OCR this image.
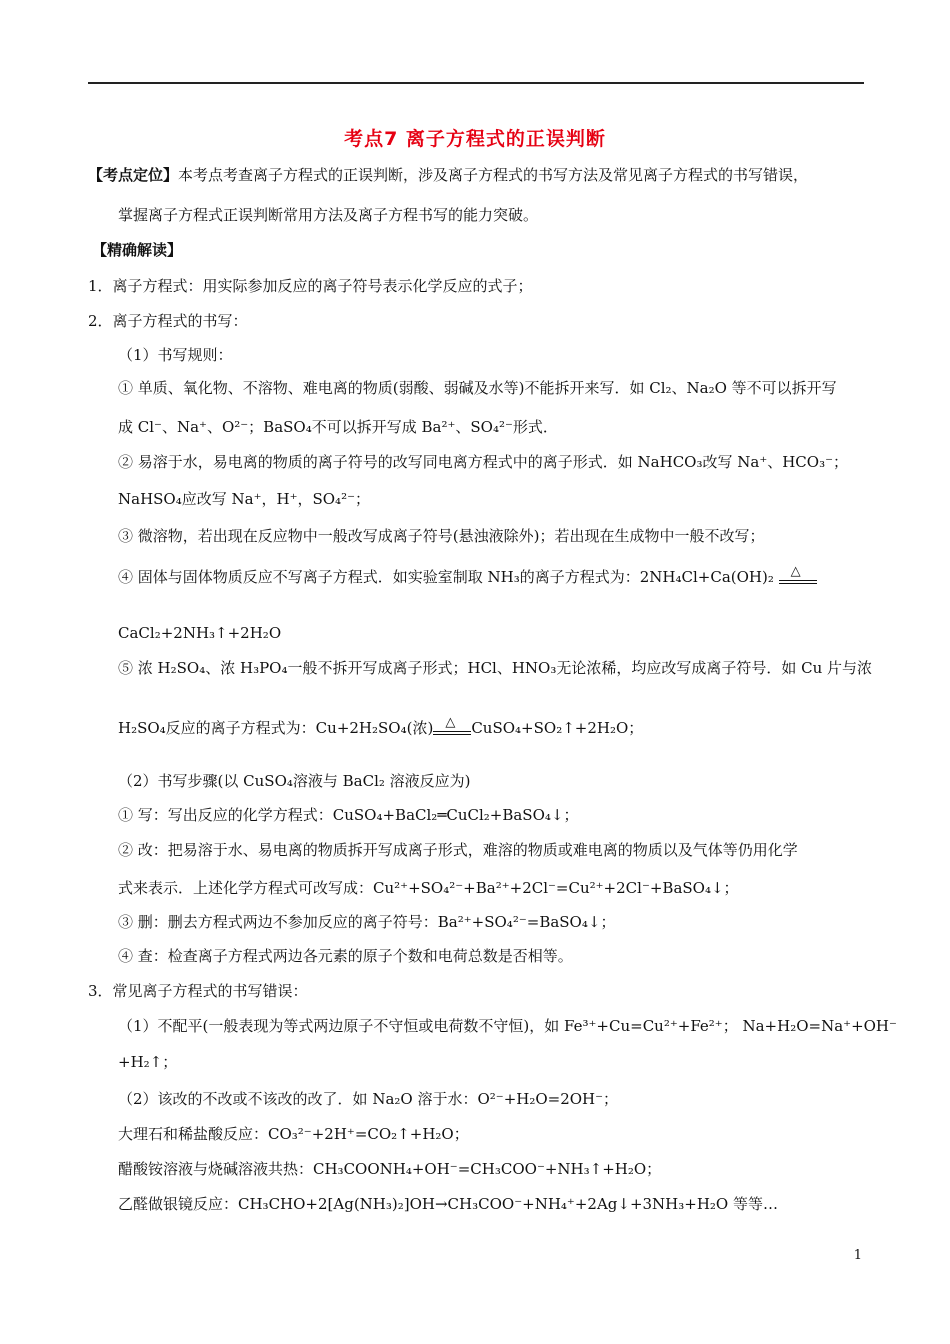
考点7 离子方程式的正误判断
【考点定位】本考点考查离子方程式的正误判断，涉及离子方程式的书写方法及常见离子方程式的书写错误，
掌握离子方程式正误判断常用方法及离子方程书写的能力突破。
【精确解读】
1．离子方程式：用实际参加反应的离子符号表示化学反应的式子；
2．离子方程式的书写：
（1）书写规则：
① 单质、氧化物、不溶物、难电离的物质(弱酸、弱碱及水等)不能拆开来写．如 Cl₂、Na₂O 等不可以拆开写
成 Cl⁻、Na⁺、O²⁻；BaSO₄不可以拆开写成 Ba²⁺、SO₄²⁻形式．
② 易溶于水，易电离的物质的离子符号的改写同电离方程式中的离子形式．如 NaHCO₃改写 Na⁺、HCO₃⁻；
NaHSO₄应改写 Na⁺，H⁺，SO₄²⁻；
③ 微溶物，若出现在反应物中一般改写成离子符号(悬浊液除外)；若出现在生成物中一般不改写；
④ 固体与固体物质反应不写离子方程式．如实验室制取 NH₃的离子方程式为：2NH₄Cl+Ca(OH)₂ △
CaCl₂+2NH₃↑+2H₂O
⑤ 浓 H₂SO₄、浓 H₃PO₄一般不拆开写成离子形式；HCl、HNO₃无论浓稀，均应改写成离子符号．如 Cu 片与浓
H₂SO₄反应的离子方程式为：Cu+2H₂SO₄(浓) △ CuSO₄+SO₂↑+2H₂O；
（2）书写步骤(以 CuSO₄溶液与 BaCl₂ 溶液反应为)
① 写：写出反应的化学方程式：CuSO₄+BaCl₂═CuCl₂+BaSO₄↓；
② 改：把易溶于水、易电离的物质拆开写成离子形式，难溶的物质或难电离的物质以及气体等仍用化学
式来表示．上述化学方程式可改写成：Cu²⁺+SO₄²⁻+Ba²⁺+2Cl⁻=Cu²⁺+2Cl⁻+BaSO₄↓；
③ 删：删去方程式两边不参加反应的离子符号：Ba²⁺+SO₄²⁻=BaSO₄↓；
④ 查：检查离子方程式两边各元素的原子个数和电荷总数是否相等。
3．常见离子方程式的书写错误：
（1）不配平(一般表现为等式两边原子不守恒或电荷数不守恒)，如 Fe³⁺+Cu=Cu²⁺+Fe²⁺； Na+H₂O=Na⁺+OH⁻
+H₂↑；
（2）该改的不改或不该改的改了．如 Na₂O 溶于水：O²⁻+H₂O=2OH⁻；
大理石和稀盐酸反应：CO₃²⁻+2H⁺=CO₂↑+H₂O；
醋酸铵溶液与烧碱溶液共热：CH₃COONH₄+OH⁻=CH₃COO⁻+NH₃↑+H₂O；
乙醛做银镜反应：CH₃CHO+2[Ag(NH₃)₂]OH→CH₃COO⁻+NH₄⁺+2Ag↓+3NH₃+H₂O 等等…
1
